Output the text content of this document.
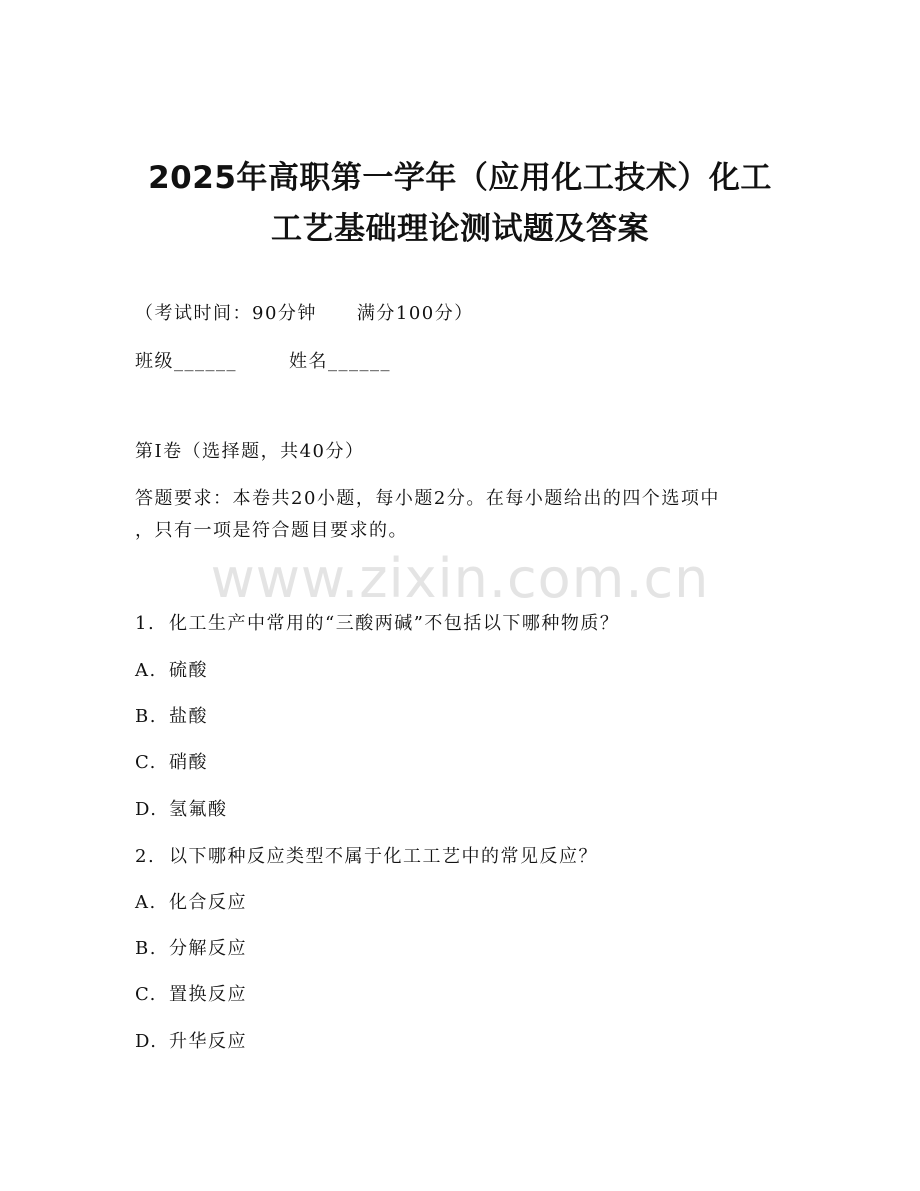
2025年高职第一学年（应用化工技术）化工
工艺基础理论测试题及答案
（考试时间：90分钟 满分100分）
班级______	姓名______
第I卷（选择题，共40分）
答题要求：本卷共20小题，每小题2分。在每小题给出的四个选项中
，只有一项是符合题目要求的。
www.zixin.com.cn
1. 化工生产中常用的“三酸两碱”不包括以下哪种物质？
A. 硫酸
B. 盐酸
C. 硝酸
D. 氢氟酸
2. 以下哪种反应类型不属于化工工艺中的常见反应？
A. 化合反应
B. 分解反应
C. 置换反应
D. 升华反应
